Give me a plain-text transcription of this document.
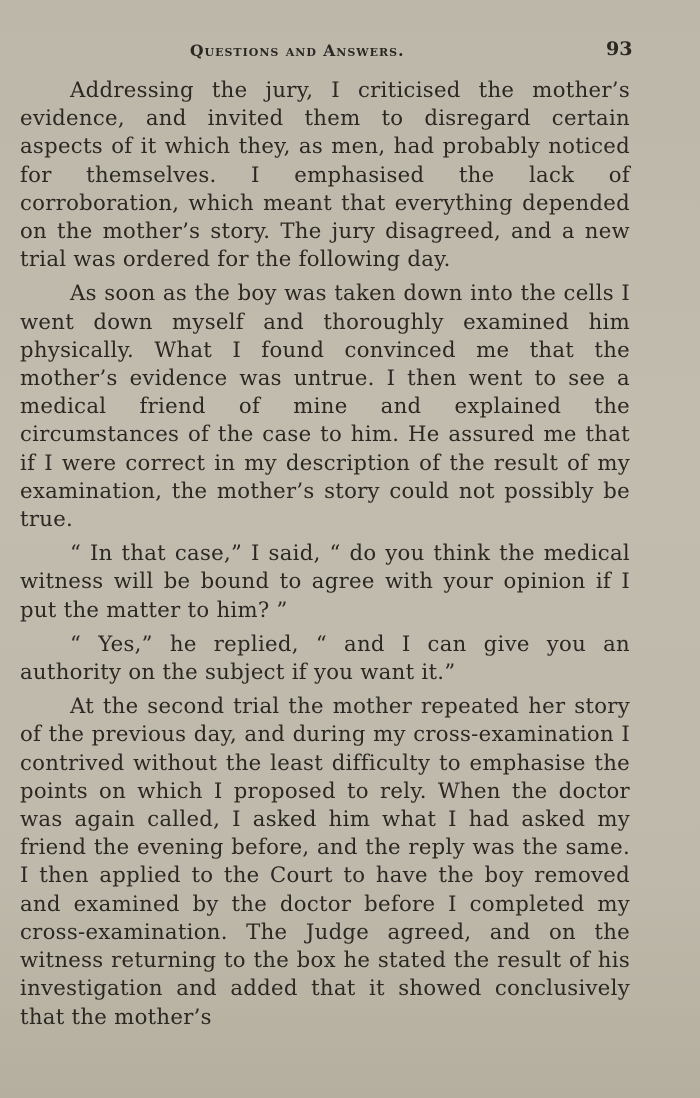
Questions and Answers.	93

Addressing the jury, I criticised the mother’s evidence, and invited them to disregard certain aspects of it which they, as men, had probably noticed for themselves. I emphasised the lack of corroboration, which meant that everything depended on the mother’s story. The jury disagreed, and a new trial was ordered for the following day.

As soon as the boy was taken down into the cells I went down myself and thoroughly examined him physically. What I found convinced me that the mother’s evidence was untrue. I then went to see a medical friend of mine and explained the circumstances of the case to him. He assured me that if I were correct in my description of the result of my examination, the mother’s story could not possibly be true.

“ In that case,” I said, “ do you think the medical witness will be bound to agree with your opinion if I put the matter to him? ”

“ Yes,” he replied, “ and I can give you an authority on the subject if you want it.”

At the second trial the mother repeated her story of the previous day, and during my cross-examination I contrived without the least difficulty to emphasise the points on which I proposed to rely. When the doctor was again called, I asked him what I had asked my friend the evening before, and the reply was the same. I then applied to the Court to have the boy removed and examined by the doctor before I completed my cross-examination. The Judge agreed, and on the witness returning to the box he stated the result of his investigation and added that it showed conclusively that the mother’s
